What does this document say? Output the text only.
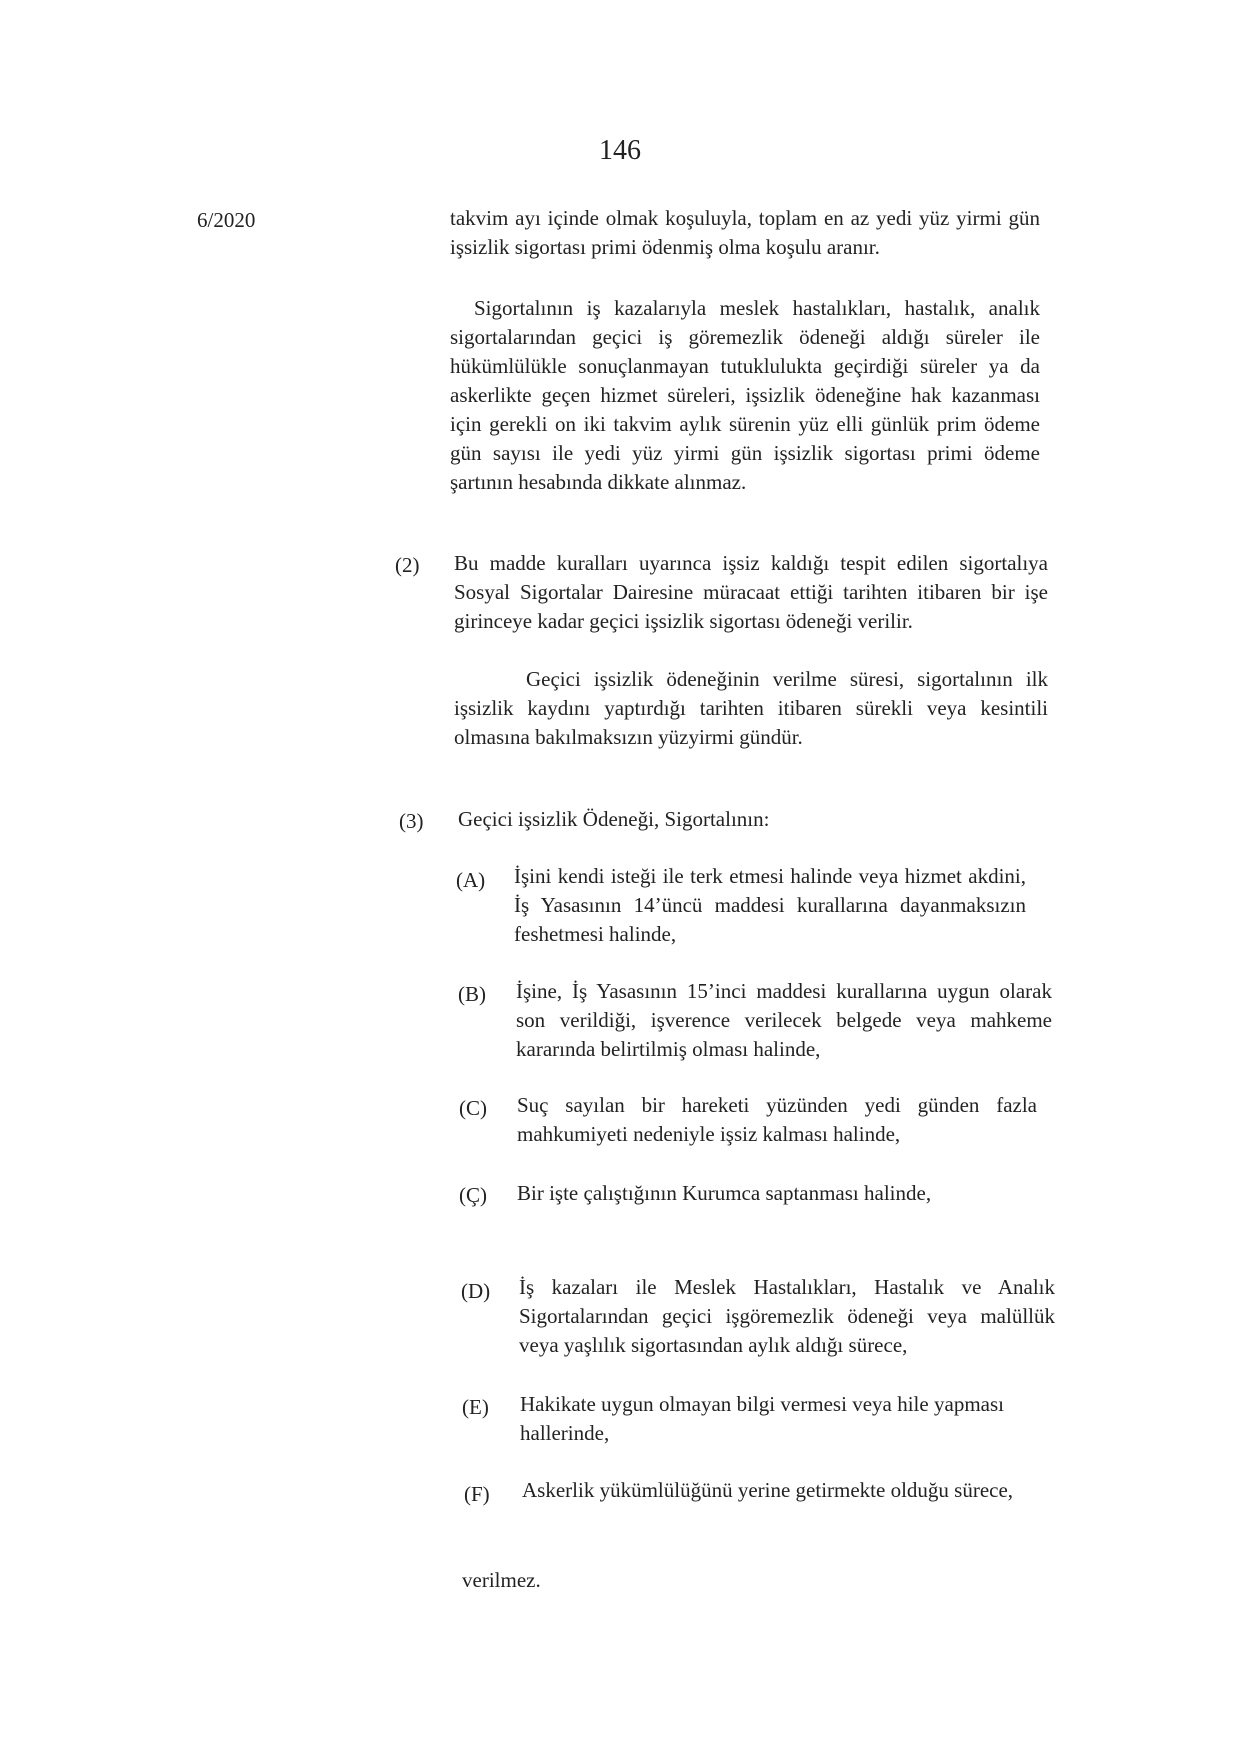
146
6/2020	takvim ayı içinde olmak koşuluyla, toplam en az yedi yüz yirmi gün işsizlik sigortası primi ödenmiş olma koşulu aranır.
Sigortalının iş kazalarıyla meslek hastalıkları, hastalık, analık sigortalarından geçici iş göremezlik ödeneği aldığı süreler ile hükümlülükle sonuçlanmayan tutuklulukta geçirdiği süreler ya da askerlikte geçen hizmet süreleri, işsizlik ödeneğine hak kazanması için gerekli on iki takvim aylık sürenin yüz elli günlük prim ödeme gün sayısı ile yedi yüz yirmi gün işsizlik sigortası primi ödeme şartının hesabında dikkate alınmaz.
(2) Bu madde kuralları uyarınca işsiz kaldığı tespit edilen sigortalıya Sosyal Sigortalar Dairesine müracaat ettiği tarihten itibaren bir işe girinceye kadar geçici işsizlik sigortası ödeneği verilir.
Geçici işsizlik ödeneğinin verilme süresi, sigortalının ilk işsizlik kaydını yaptırdığı tarihten itibaren sürekli veya kesintili olmasına bakılmaksızın yüzyirmi gündür.
(3) Geçici işsizlik Ödeneği, Sigortalının:
(A) İşini kendi isteği ile terk etmesi halinde veya hizmet akdini, İş Yasasının 14’üncü maddesi kurallarına dayanmaksızın feshetmesi halinde,
(B) İşine, İş Yasasının 15’inci maddesi kurallarına uygun olarak son verildiği, işverence verilecek belgede veya mahkeme kararında belirtilmiş olması halinde,
(C) Suç sayılan bir hareketi yüzünden yedi günden fazla mahkumiyeti nedeniyle işsiz kalması halinde,
(Ç) Bir işte çalıştığının Kurumca saptanması halinde,
(D) İş kazaları ile Meslek Hastalıkları, Hastalık ve Analık Sigortalarından geçici işgöremezlik ödeneği veya malüllük veya yaşlılık sigortasından aylık aldığı sürece,
(E) Hakikate uygun olmayan bilgi vermesi veya hile yapması hallerinde,
(F) Askerlik yükümlülüğünü yerine getirmekte olduğu sürece,
verilmez.
